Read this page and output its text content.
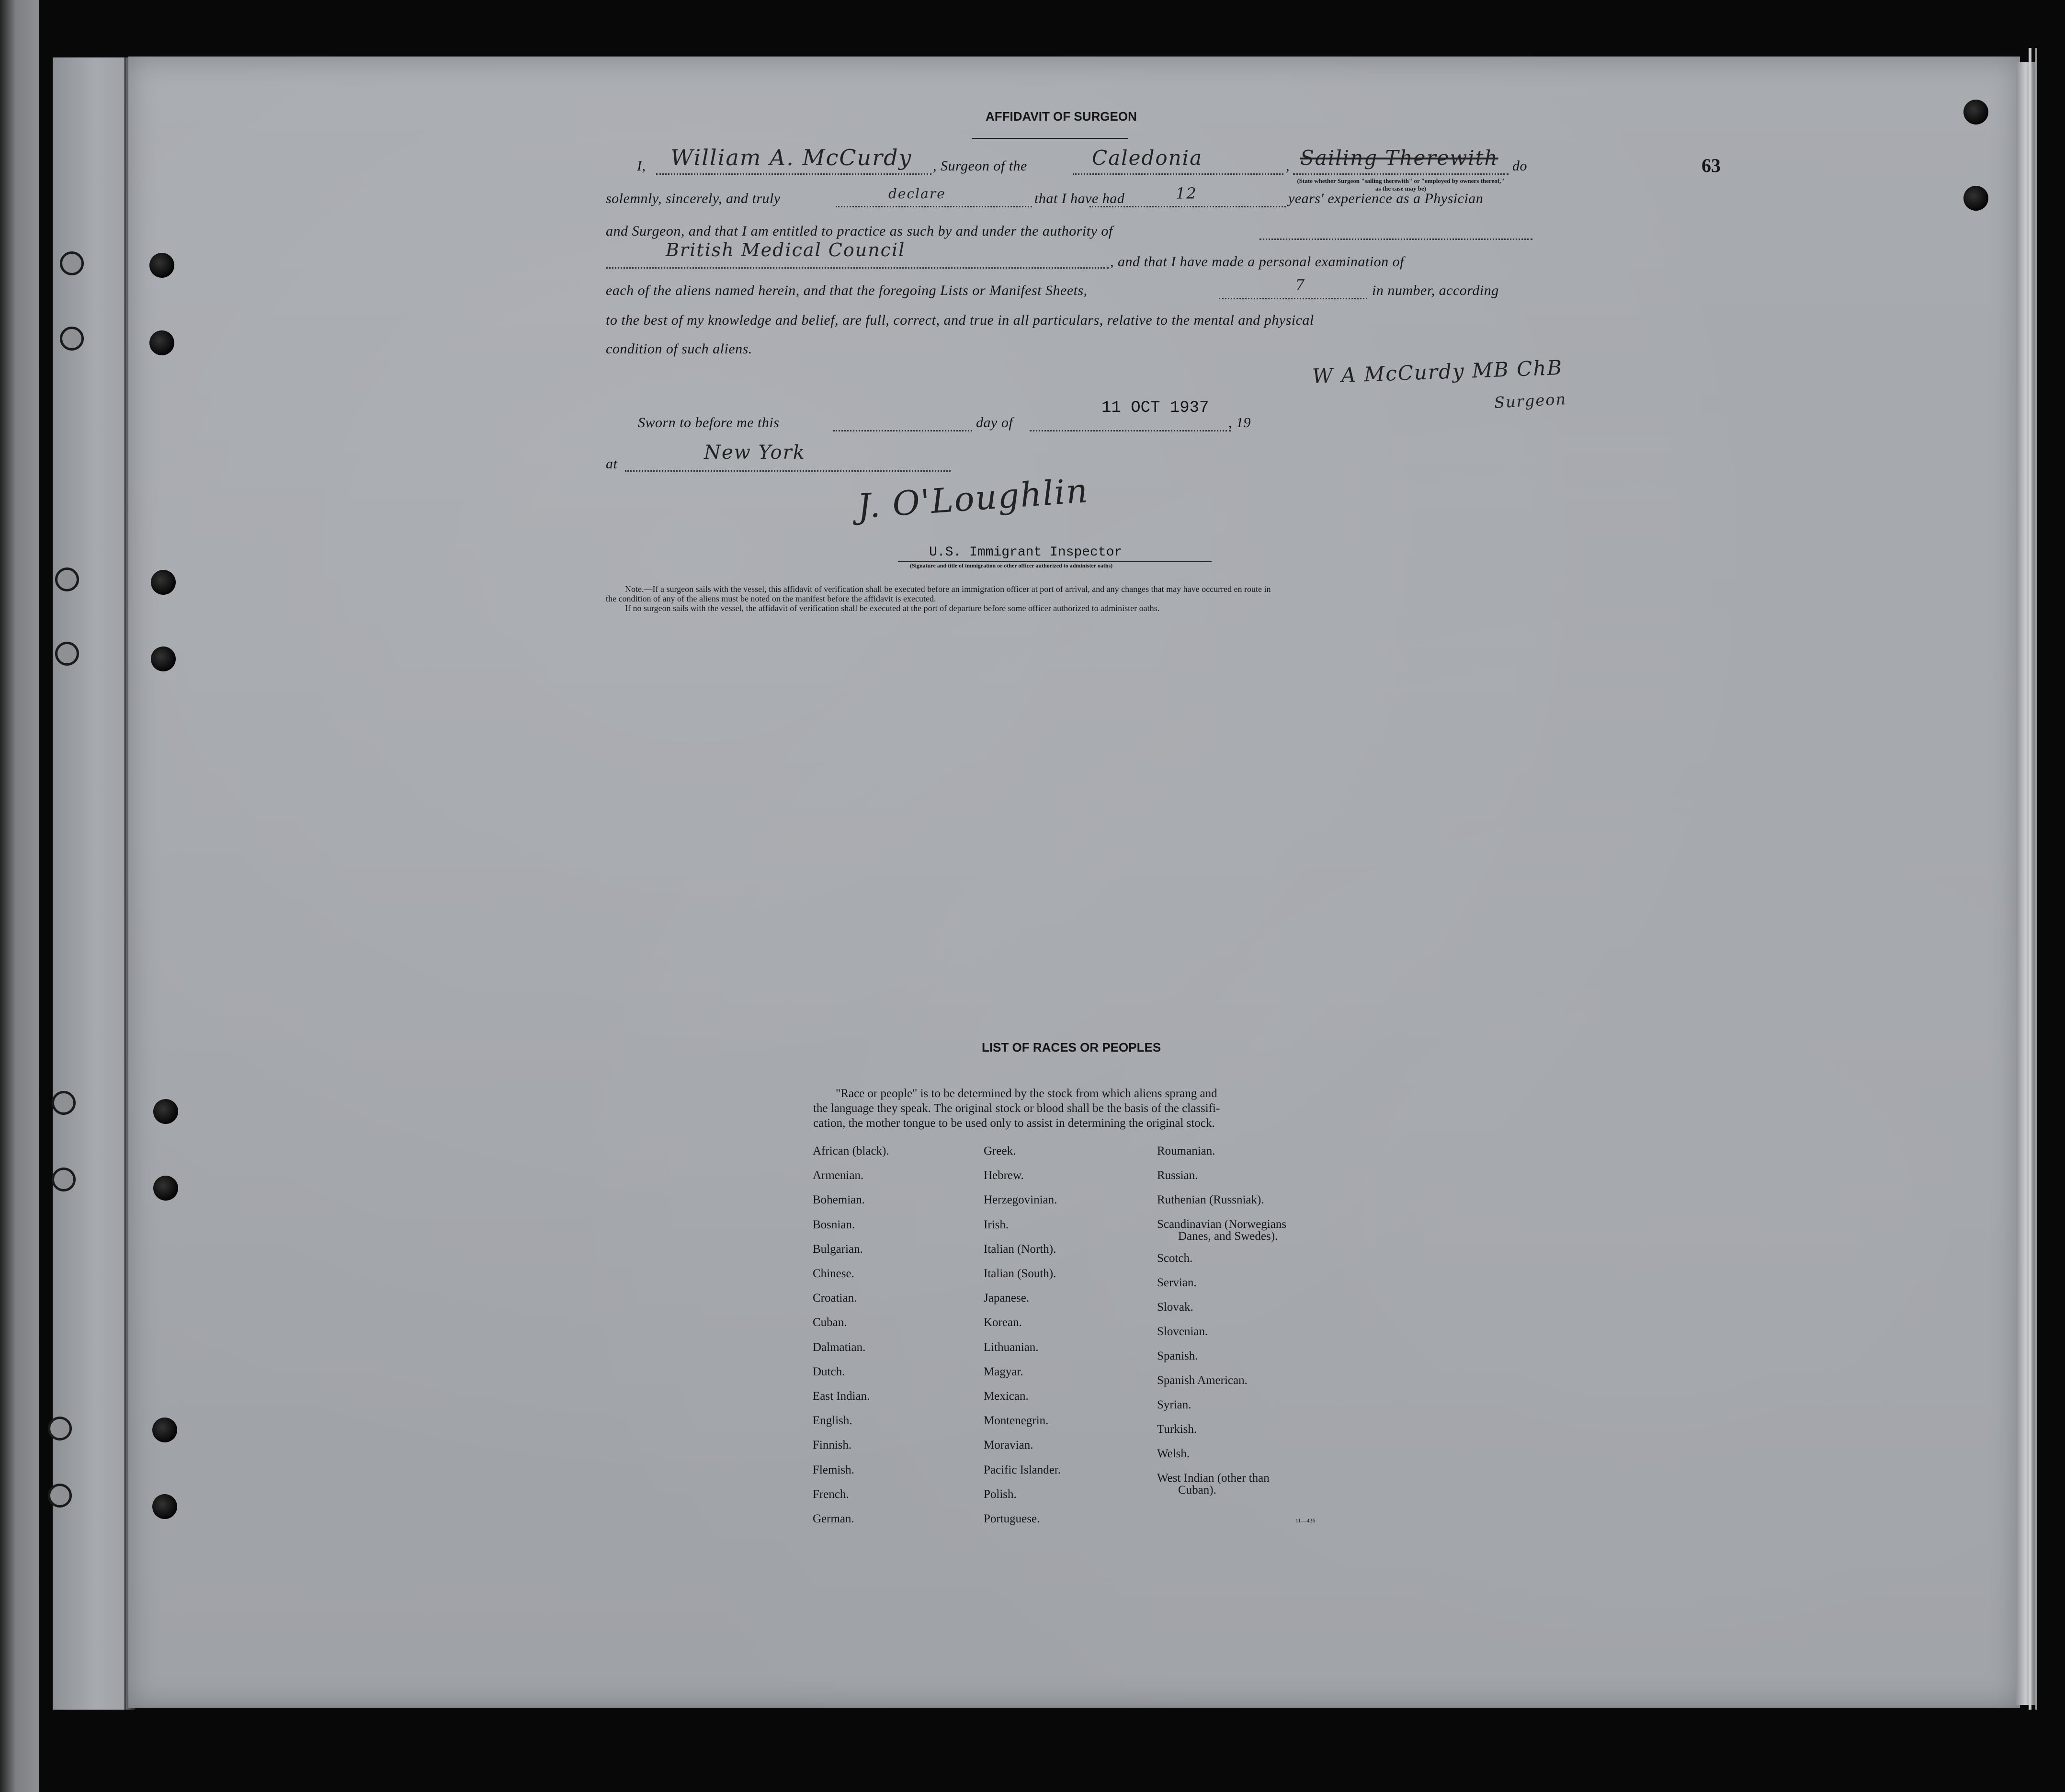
63
AFFIDAVIT OF SURGEON
I, William A. McCurdy , Surgeon of the	Caledonia	, Sailing Therewith do
(State whether Surgeon "sailing therewith" or "employed by owners thereof," as the case may be)
solemnly, sincerely, and truly	declare	that I have had	12	years' experience as a Physician
and Surgeon, and that I am entitled to practice as such by and under the authority of
British Medical Council
, and that I have made a personal examination of
each of the aliens named herein, and that the foregoing Lists or Manifest Sheets,	7	in number, according
to the best of my knowledge and belief, are full, correct, and true in all particulars, relative to the mental and physical
condition of such aliens.
W A McCurdy MB ChB
Surgeon
Sworn to before me this	day of
11 OCT 1937
, 19
at
New York
J. O'Loughlin
U.S. Immigrant Inspector
(Signature and title of immigration or other officer authorized to administer oaths)
Note.—If a surgeon sails with the vessel, this affidavit of verification shall be executed before an immigration officer at port of arrival, and any changes that may have occurred en route in
the condition of any of the aliens must be noted on the manifest before the affidavit is executed.
If no surgeon sails with the vessel, the affidavit of verification shall be executed at the port of departure before some officer authorized to administer oaths.
LIST OF RACES OR PEOPLES
"Race or people" is to be determined by the stock from which aliens sprang and
the language they speak. The original stock or blood shall be the basis of the classifi-
cation, the mother tongue to be used only to assist in determining the original stock.
African (black).
Armenian.
Bohemian.
Bosnian.
Bulgarian.
Chinese.
Croatian.
Cuban.
Dalmatian.
Dutch.
East Indian.
English.
Finnish.
Flemish.
French.
German.
Greek.
Hebrew.
Herzegovinian.
Irish.
Italian (North).
Italian (South).
Japanese.
Korean.
Lithuanian.
Magyar.
Mexican.
Montenegrin.
Moravian.
Pacific Islander.
Polish.
Portuguese.
Roumanian.
Russian.
Ruthenian (Russniak).
Scandinavian (Norwegians
Danes, and Swedes).
Scotch.
Servian.
Slovak.
Slovenian.
Spanish.
Spanish American.
Syrian.
Turkish.
Welsh.
West Indian (other than
Cuban).
11—436
